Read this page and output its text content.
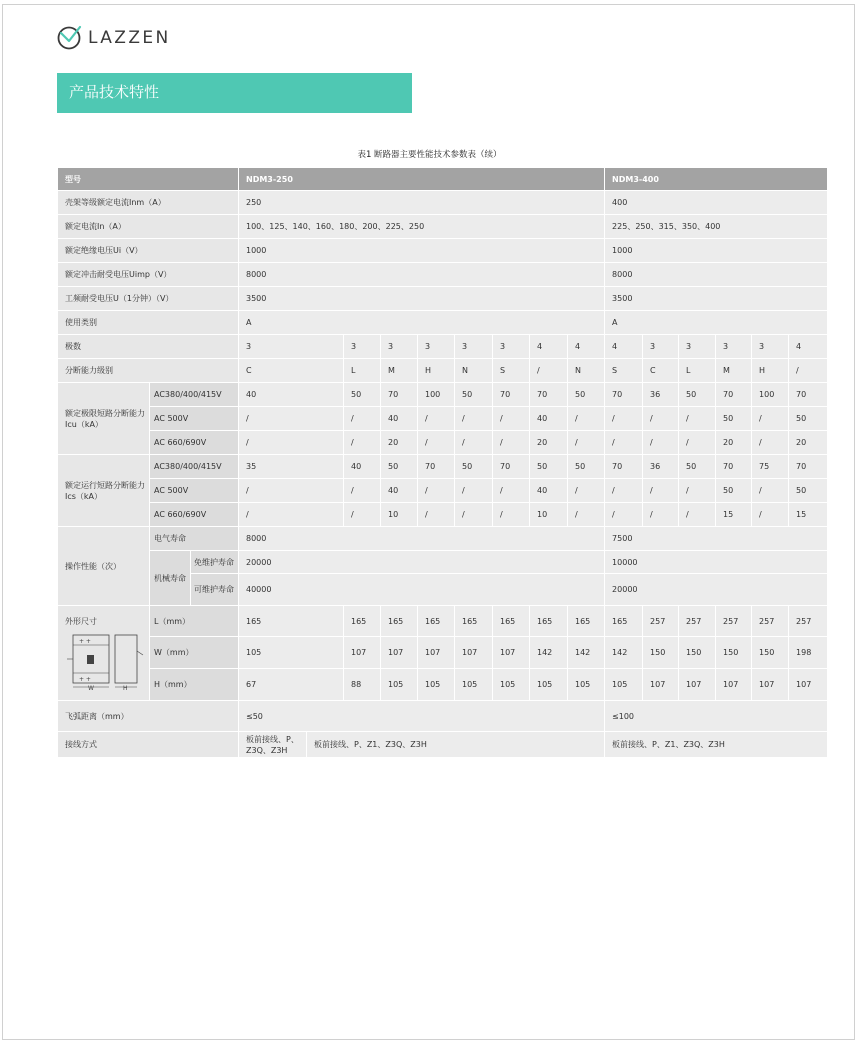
LAZZEN
产品技术特性
表1 断路器主要性能技术参数表（续）
型号			NDM3-250									NDM3-400					
壳架等级额定电流Inm（A）			250									400					
额定电流In（A）			100、125、140、160、180、200、225、250									225、250、315、350、400					
额定绝缘电压Ui（V）			1000									1000					
额定冲击耐受电压Uimp（V）			8000									8000					
工频耐受电压U（1分钟）（V）			3500									3500					
使用类别			A									A					
极数			3		3	3	3	3	3	4	4	4	3	3	3	3	4
分断能力级别			C		L	M	H	N	S	/	N	S	C	L	M	H	/
额定极限短路分断能力Icu（kA）	AC380/400/415V		40		50	70	100	50	70	70	50	70	36	50	70	100	70
	AC 500V		/		/	40	/	/	/	40	/	/	/	/	50	/	50
	AC 660/690V		/		/	20	/	/	/	20	/	/	/	/	20	/	20
额定运行短路分断能力Ics（kA）	AC380/400/415V		35		40	50	70	50	70	50	50	70	36	50	70	75	70
	AC 500V		/		/	40	/	/	/	40	/	/	/	/	50	/	50
	AC 660/690V		/		/	10	/	/	/	10	/	/	/	/	15	/	15
操作性能（次）	电气寿命		8000									7500					
	机械寿命	免维护寿命	20000									10000					
		可维护寿命	40000									20000					

外形尺寸
+ +
+ +
W H	L（mm）		165		165	165	165	165	165	165	165	165	257	257	257	257	257
	W（mm）		105		107	107	107	107	107	142	142	142	150	150	150	150	198
	H（mm）		67		88	105	105	105	105	105	105	105	107	107	107	107	107
飞弧距离（mm）			≤50									≤100					
接线方式			板前接线、P、Z3Q、Z3H	板前接线、P、Z1、Z3Q、Z3H								板前接线、P、Z1、Z3Q、Z3H					
